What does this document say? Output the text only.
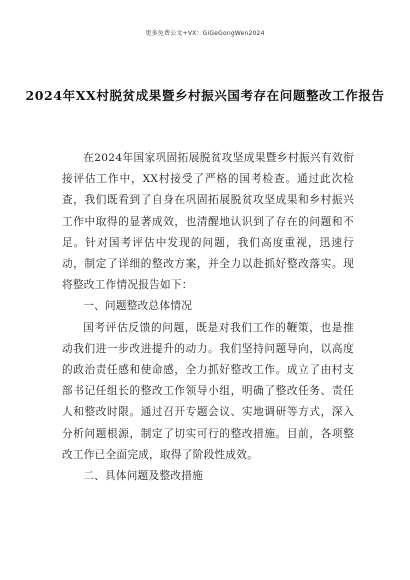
更多免费公文+VX：GiGeGongWen2024
2024年XX村脱贫成果暨乡村振兴国考存在问题整改工作报告

在2024年国家巩固拓展脱贫攻坚成果暨乡村振兴有效衔接评估工作中，XX村接受了严格的国考检查。通过此次检查，我们既看到了自身在巩固拓展脱贫攻坚成果和乡村振兴工作中取得的显著成效，也清醒地认识到了存在的问题和不足。针对国考评估中发现的问题，我们高度重视，迅速行动，制定了详细的整改方案，并全力以赴抓好整改落实。现将整改工作情况报告如下：

一、问题整改总体情况

国考评估反馈的问题，既是对我们工作的鞭策，也是推动我们进一步改进提升的动力。我们坚持问题导向，以高度的政治责任感和使命感，全力抓好整改工作。成立了由村支部书记任组长的整改工作领导小组，明确了整改任务、责任人和整改时限。通过召开专题会议、实地调研等方式，深入分析问题根源，制定了切实可行的整改措施。目前，各项整改工作已全面完成，取得了阶段性成效。

二、具体问题及整改措施
